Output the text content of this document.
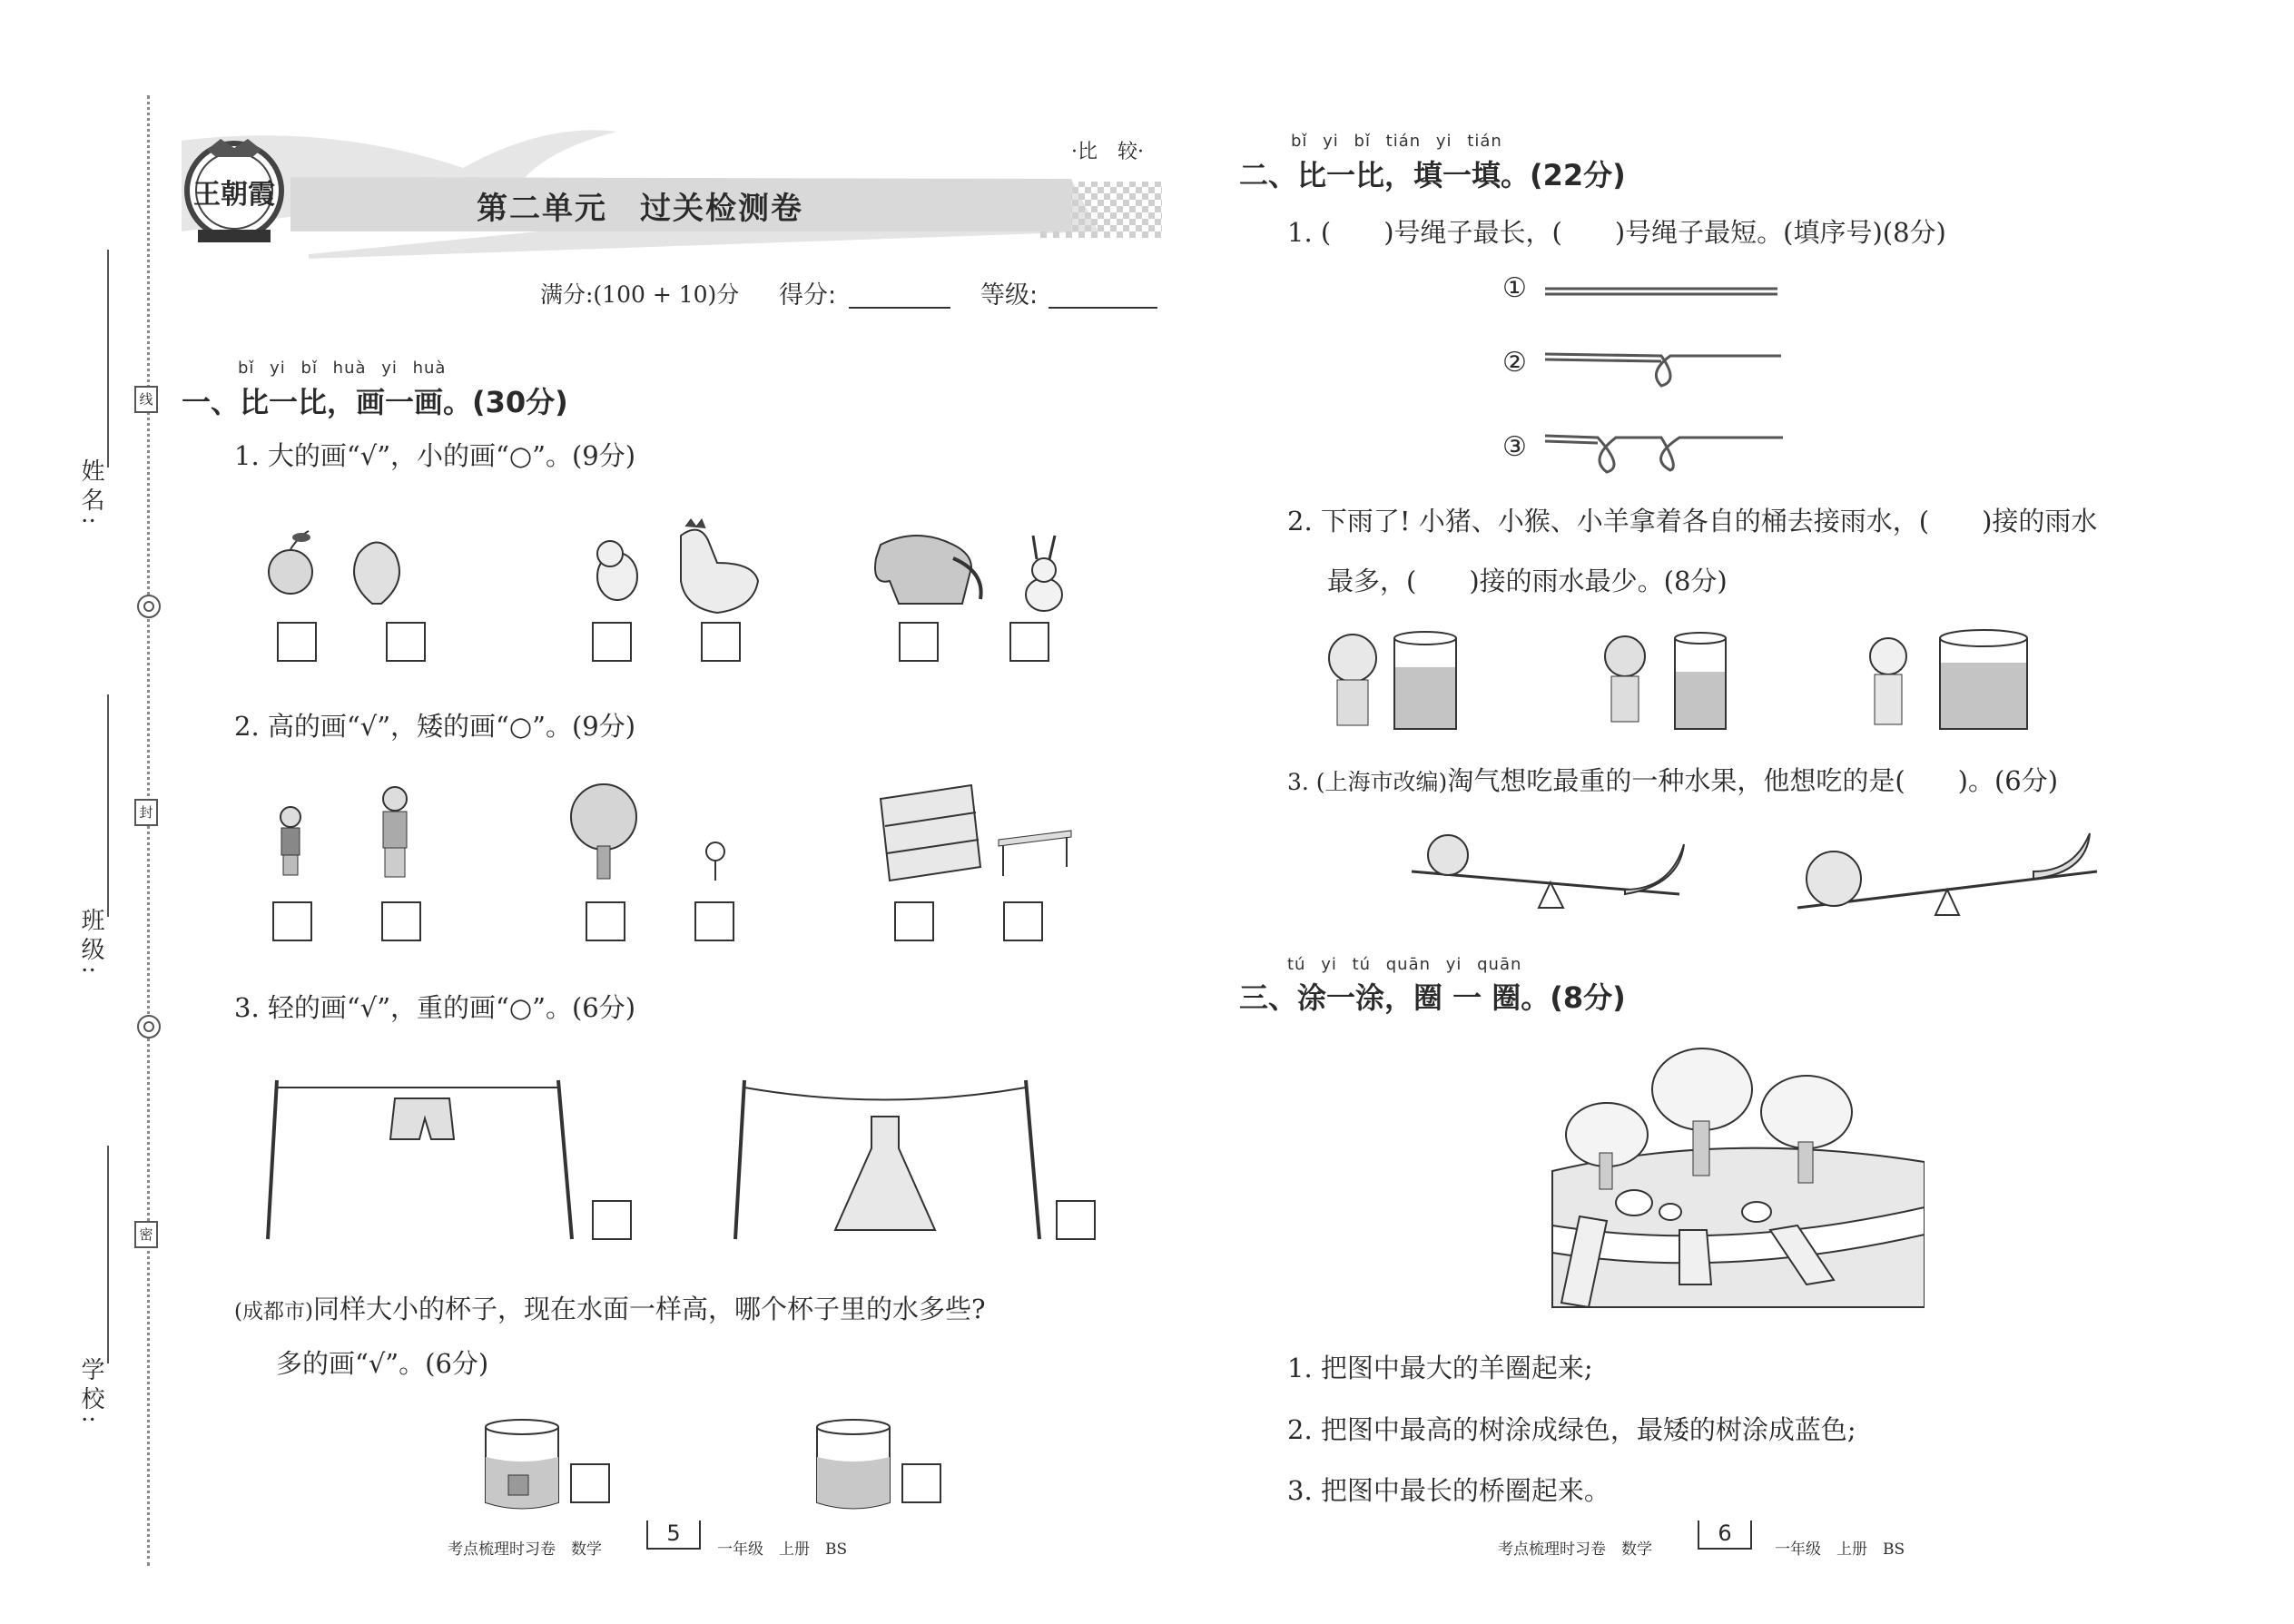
姓名:
班级:
学校:
线
封
密
王朝霞
·比　较·
第二单元　过关检测卷
满分:(100 + 10)分 得分:	等级:
bǐ yi bǐ huà yi huà
一、比一比，画一画。(30分)
1. 大的画“√”，小的画“○”。(9分)
2. 高的画“√”，矮的画“○”。(9分)
3. 轻的画“√”，重的画“○”。(6分)
(成都市)同样大小的杯子，现在水面一样高，哪个杯子里的水多些?
多的画“√”。(6分)
考点梳理时习卷　数学
5
一年级　上册　BS
bǐ yi bǐ tián yi tián
二、比一比，填一填。(22分)
1. (　　)号绳子最长，(　　)号绳子最短。(填序号)(8分)
①
②
③
2. 下雨了! 小猪、小猴、小羊拿着各自的桶去接雨水，(　　)接的雨水
最多，(　　)接的雨水最少。(8分)
3. (上海市改编)淘气想吃最重的一种水果，他想吃的是(　　)。(6分)
tú yi tú quān yi quān
三、涂一涂，圈 一 圈。(8分)
1. 把图中最大的羊圈起来;
2. 把图中最高的树涂成绿色，最矮的树涂成蓝色;
3. 把图中最长的桥圈起来。
考点梳理时习卷　数学
6
一年级　上册　BS
